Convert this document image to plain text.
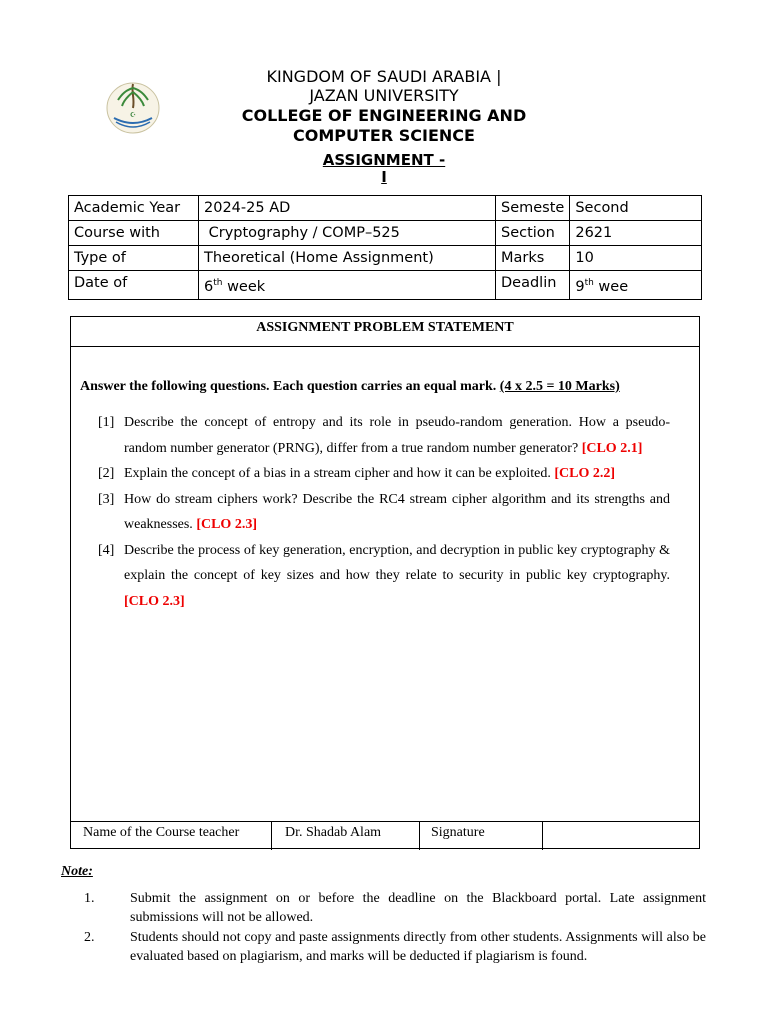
☪
KINGDOM OF SAUDI ARABIA |
JAZAN UNIVERSITY
COLLEGE OF ENGINEERING AND
COMPUTER SCIENCE
ASSIGNMENT -
I
Academic Year	2024-25 AD	Semeste	Second
Course with	Cryptography / COMP–525	Section	2621
Type of	Theoretical (Home Assignment)	Marks	10
Date of	6th week	Deadlin	9th wee
ASSIGNMENT PROBLEM STATEMENT
Answer the following questions. Each question carries an equal mark. (4 x 2.5 = 10 Marks)
[1] Describe the concept of entropy and its role in pseudo-random generation. How a pseudo-random number generator (PRNG), differ from a true random number generator? [CLO 2.1]
[2] Explain the concept of a bias in a stream cipher and how it can be exploited. [CLO 2.2]
[3] How do stream ciphers work? Describe the RC4 stream cipher algorithm and its strengths and weaknesses. [CLO 2.3]
[4] Describe the process of key generation, encryption, and decryption in public key cryptography & explain the concept of key sizes and how they relate to security in public key cryptography. [CLO 2.3]
Name of the Course teacher	Dr. Shadab Alam	Signature
Note:
1.	Submit the assignment on or before the deadline on the Blackboard portal. Late assignment submissions will not be allowed.
2.	Students should not copy and paste assignments directly from other students. Assignments will also be evaluated based on plagiarism, and marks will be deducted if plagiarism is found.
